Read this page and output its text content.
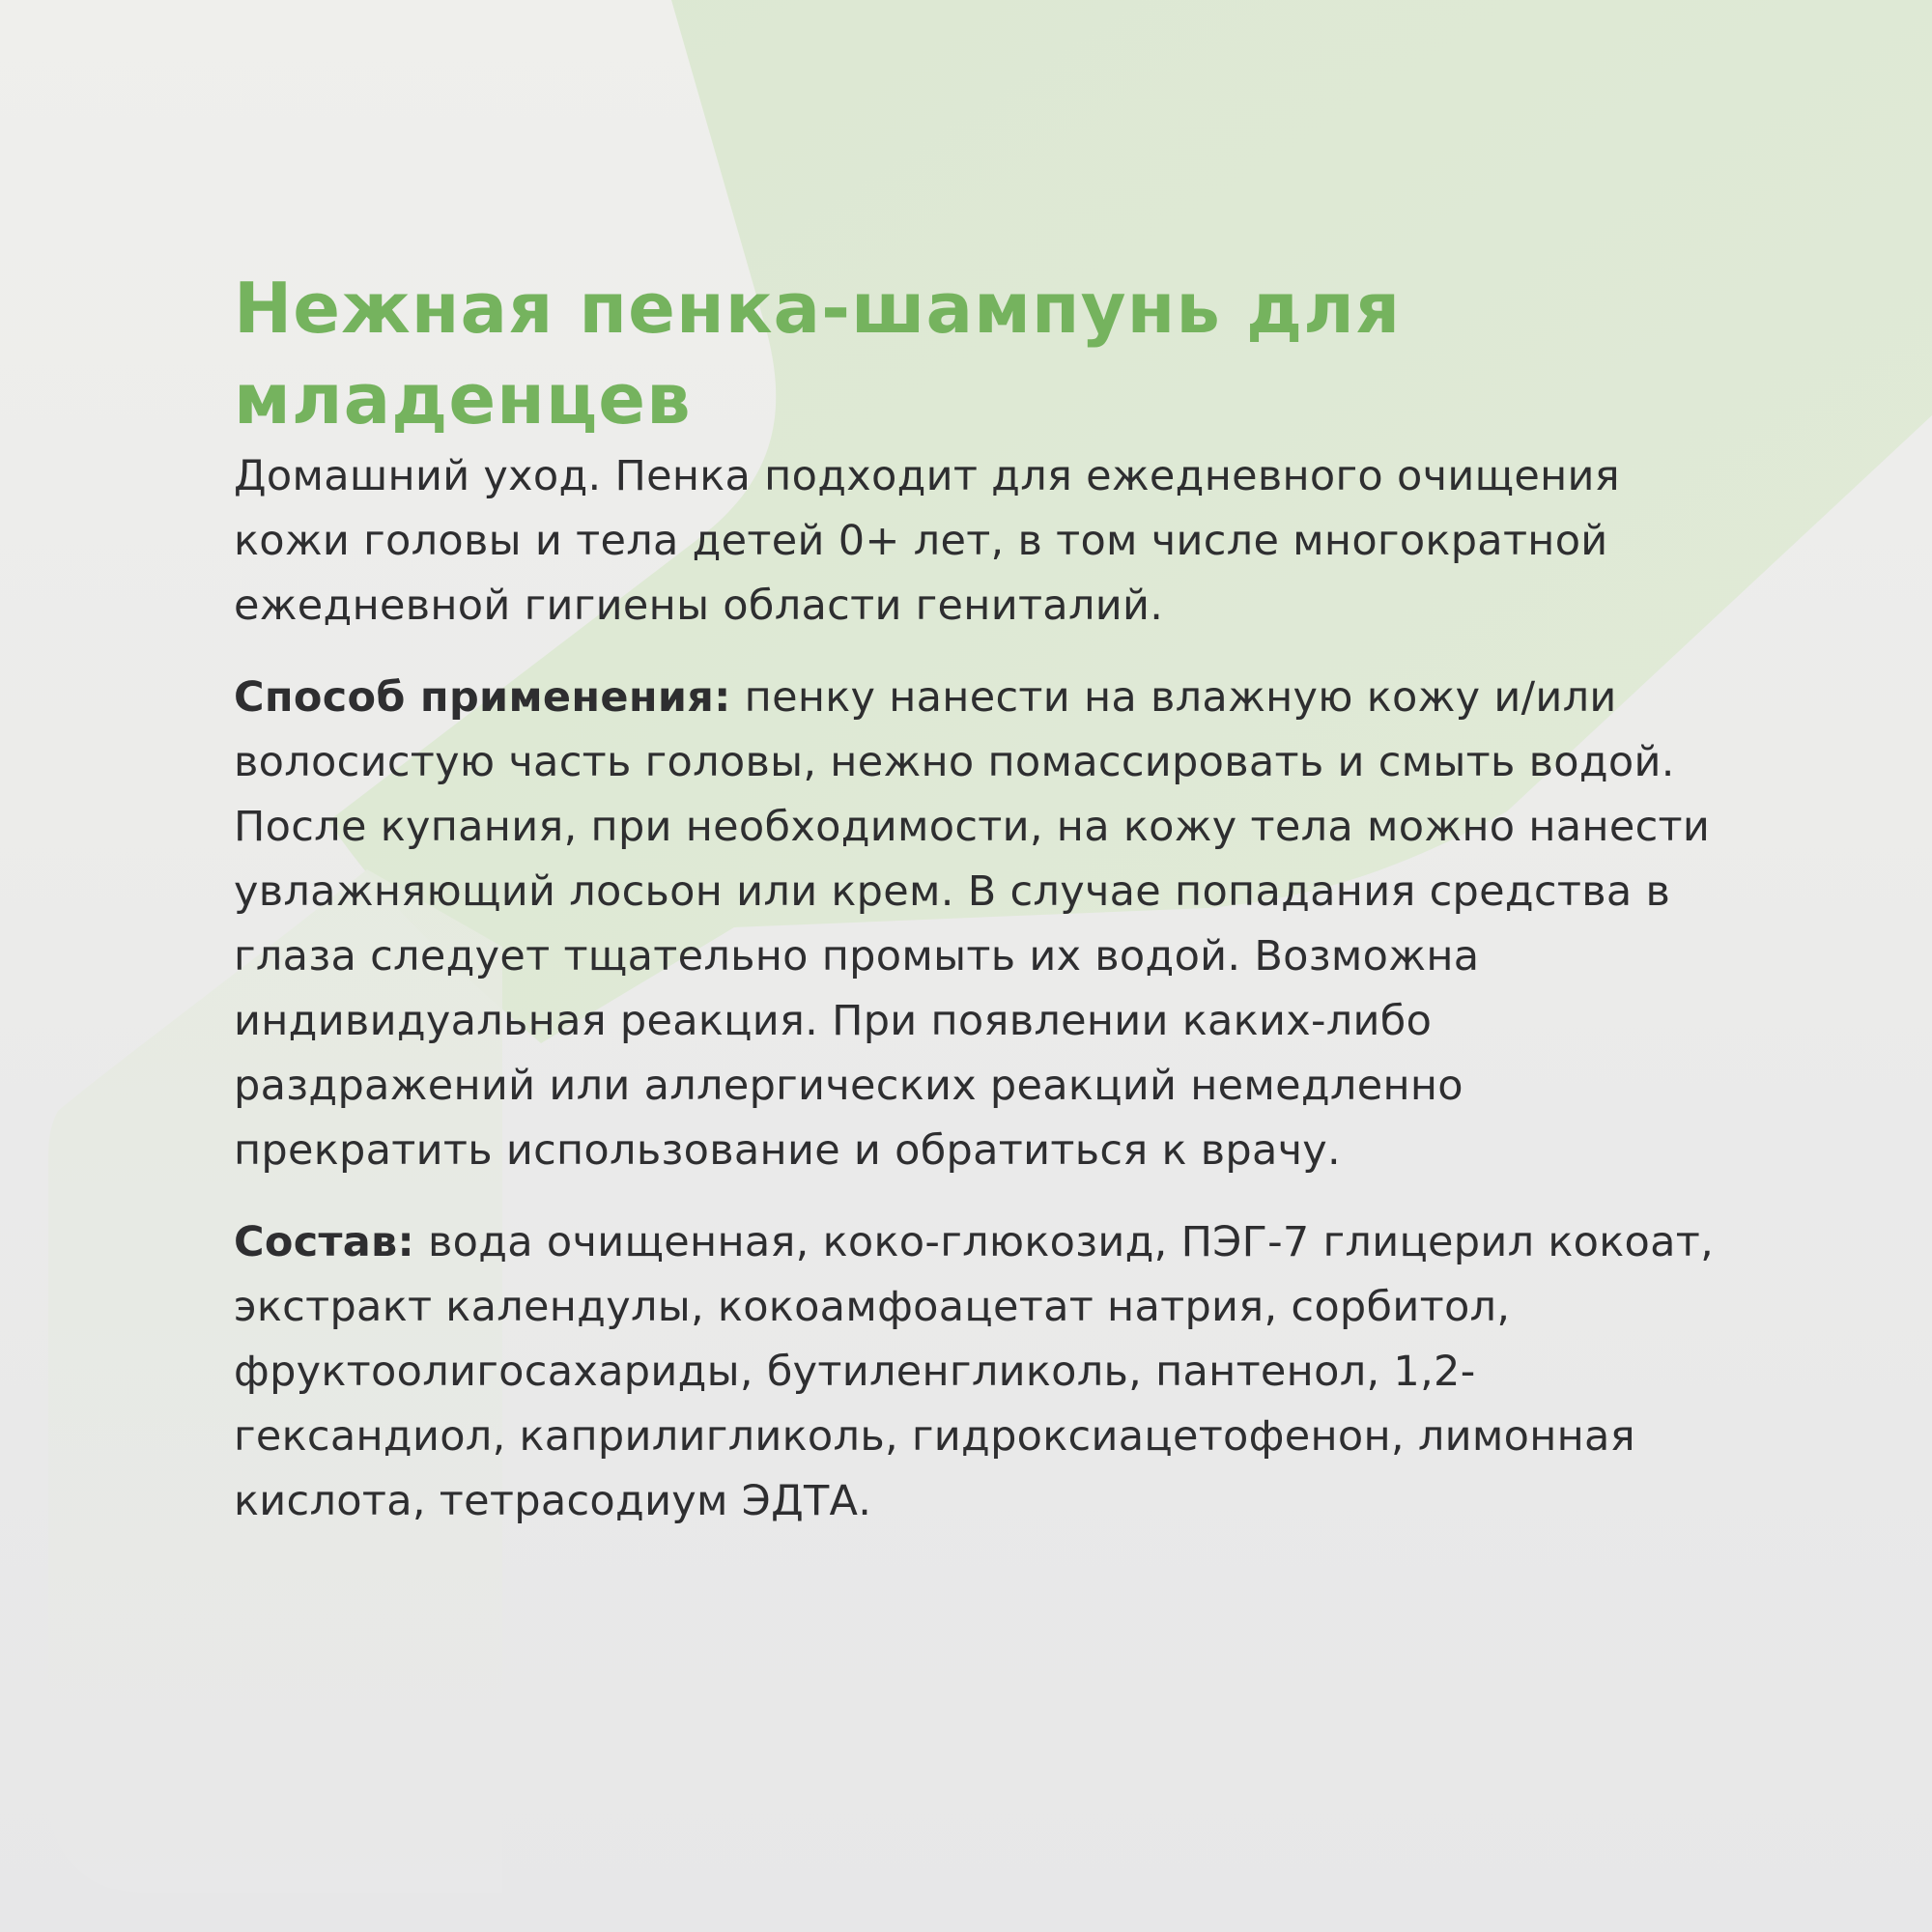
Нежная пенка-шампунь для младенцев

Домашний уход. Пенка подходит для ежедневного очищения кожи головы и тела детей 0+ лет, в том числе многократной ежедневной гигиены области гениталий.

Способ применения: пенку нанести на влажную кожу и/или волосистую часть головы, нежно помассировать и смыть водой. После купания, при необходимости, на кожу тела можно нанести увлажняющий лосьон или крем. В случае попадания средства в глаза следует тщательно промыть их водой. Возможна индивидуальная реакция. При появлении каких-либо раздражений или аллергических реакций немедленно прекратить использование и обратиться к врачу.

Состав: вода очищенная, коко-глюкозид, ПЭГ-7 глицерил кокоат, экстракт календулы, кокоамфоацетат натрия, сорбитол, фруктоолигосахариды, бутиленгликоль, пантенол, 1,2-гександиол, каприлигликоль, гидроксиацетофенон, лимонная кислота, тетрасодиум ЭДТА.
